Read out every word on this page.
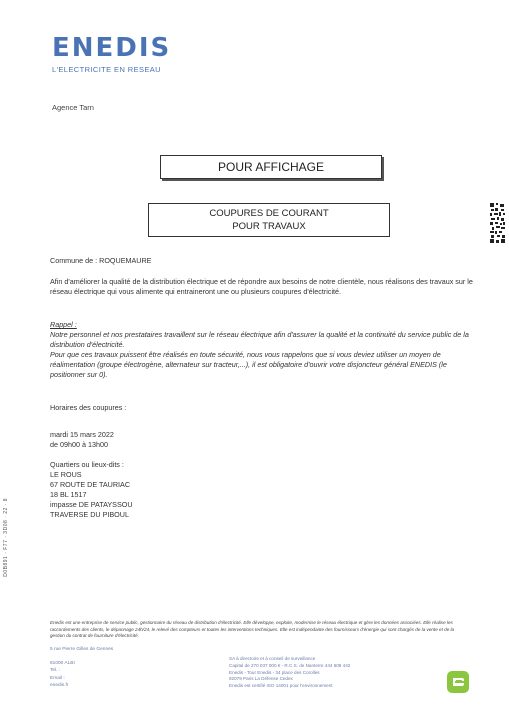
ENEDIS
L'ELECTRICITE EN RESEAU
Agence Tarn
POUR AFFICHAGE
COUPURES DE COURANT
POUR TRAVAUX
Commune de : ROQUEMAURE
Afin d'améliorer la qualité de la distribution électrique et de répondre aux besoins de notre clientèle, nous réalisons des travaux sur le réseau électrique qui vous alimente qui entraineront une ou plusieurs coupures d'électricité.
Rappel :

Notre personnel et nos prestataires travaillent sur le réseau électrique afin d'assurer la qualité et la continuité du service public de la distribution d'électricité.

Pour que ces travaux puissent être réalisés en toute sécurité, nous vous rappelons que si vous deviez utiliser un moyen de réalimentation (groupe électrogène, alternateur sur tracteur,...), il est obligatoire d'ouvrir votre disjoncteur général ENEDIS (le positionner sur 0).

Horaires des coupures :
mardi 15 mars 2022
de 09h00 à 13h00
Quartiers ou lieux-dits :
LE ROUS
67 ROUTE DE TAURIAC
18 BL 1517
impasse DE PATAYSSOU
TRAVERSE DU PIBOUL
D0B891 · F77 · 3D08 · 22 · 8
Enedis est une entreprise de service public, gestionnaire du réseau de distribution d'électricité. Elle développe, exploite, modernise le réseau électrique et gère les données associées. Elle réalise les raccordements des clients, le dépannage 24h/24, le relevé des compteurs et toutes les interventions techniques. Elle est indépendante des fournisseurs d'énergie qui sont chargés de la vente et de la gestion du contrat de fourniture d'électricité.
5 rue Pierre Gilles de Gennes
81000 ALBI
Tel. :
Email :
enedis.fr
SA à directoire et à conseil de surveillance
Capital de 270 037 000 € - R.C.S. de Nanterre 444 608 442
Enedis - Tour Enedis - 34 place des Corolles
92079 Paris La Défense Cedex
Enedis est certifié ISO 14001 pour l'environnement
